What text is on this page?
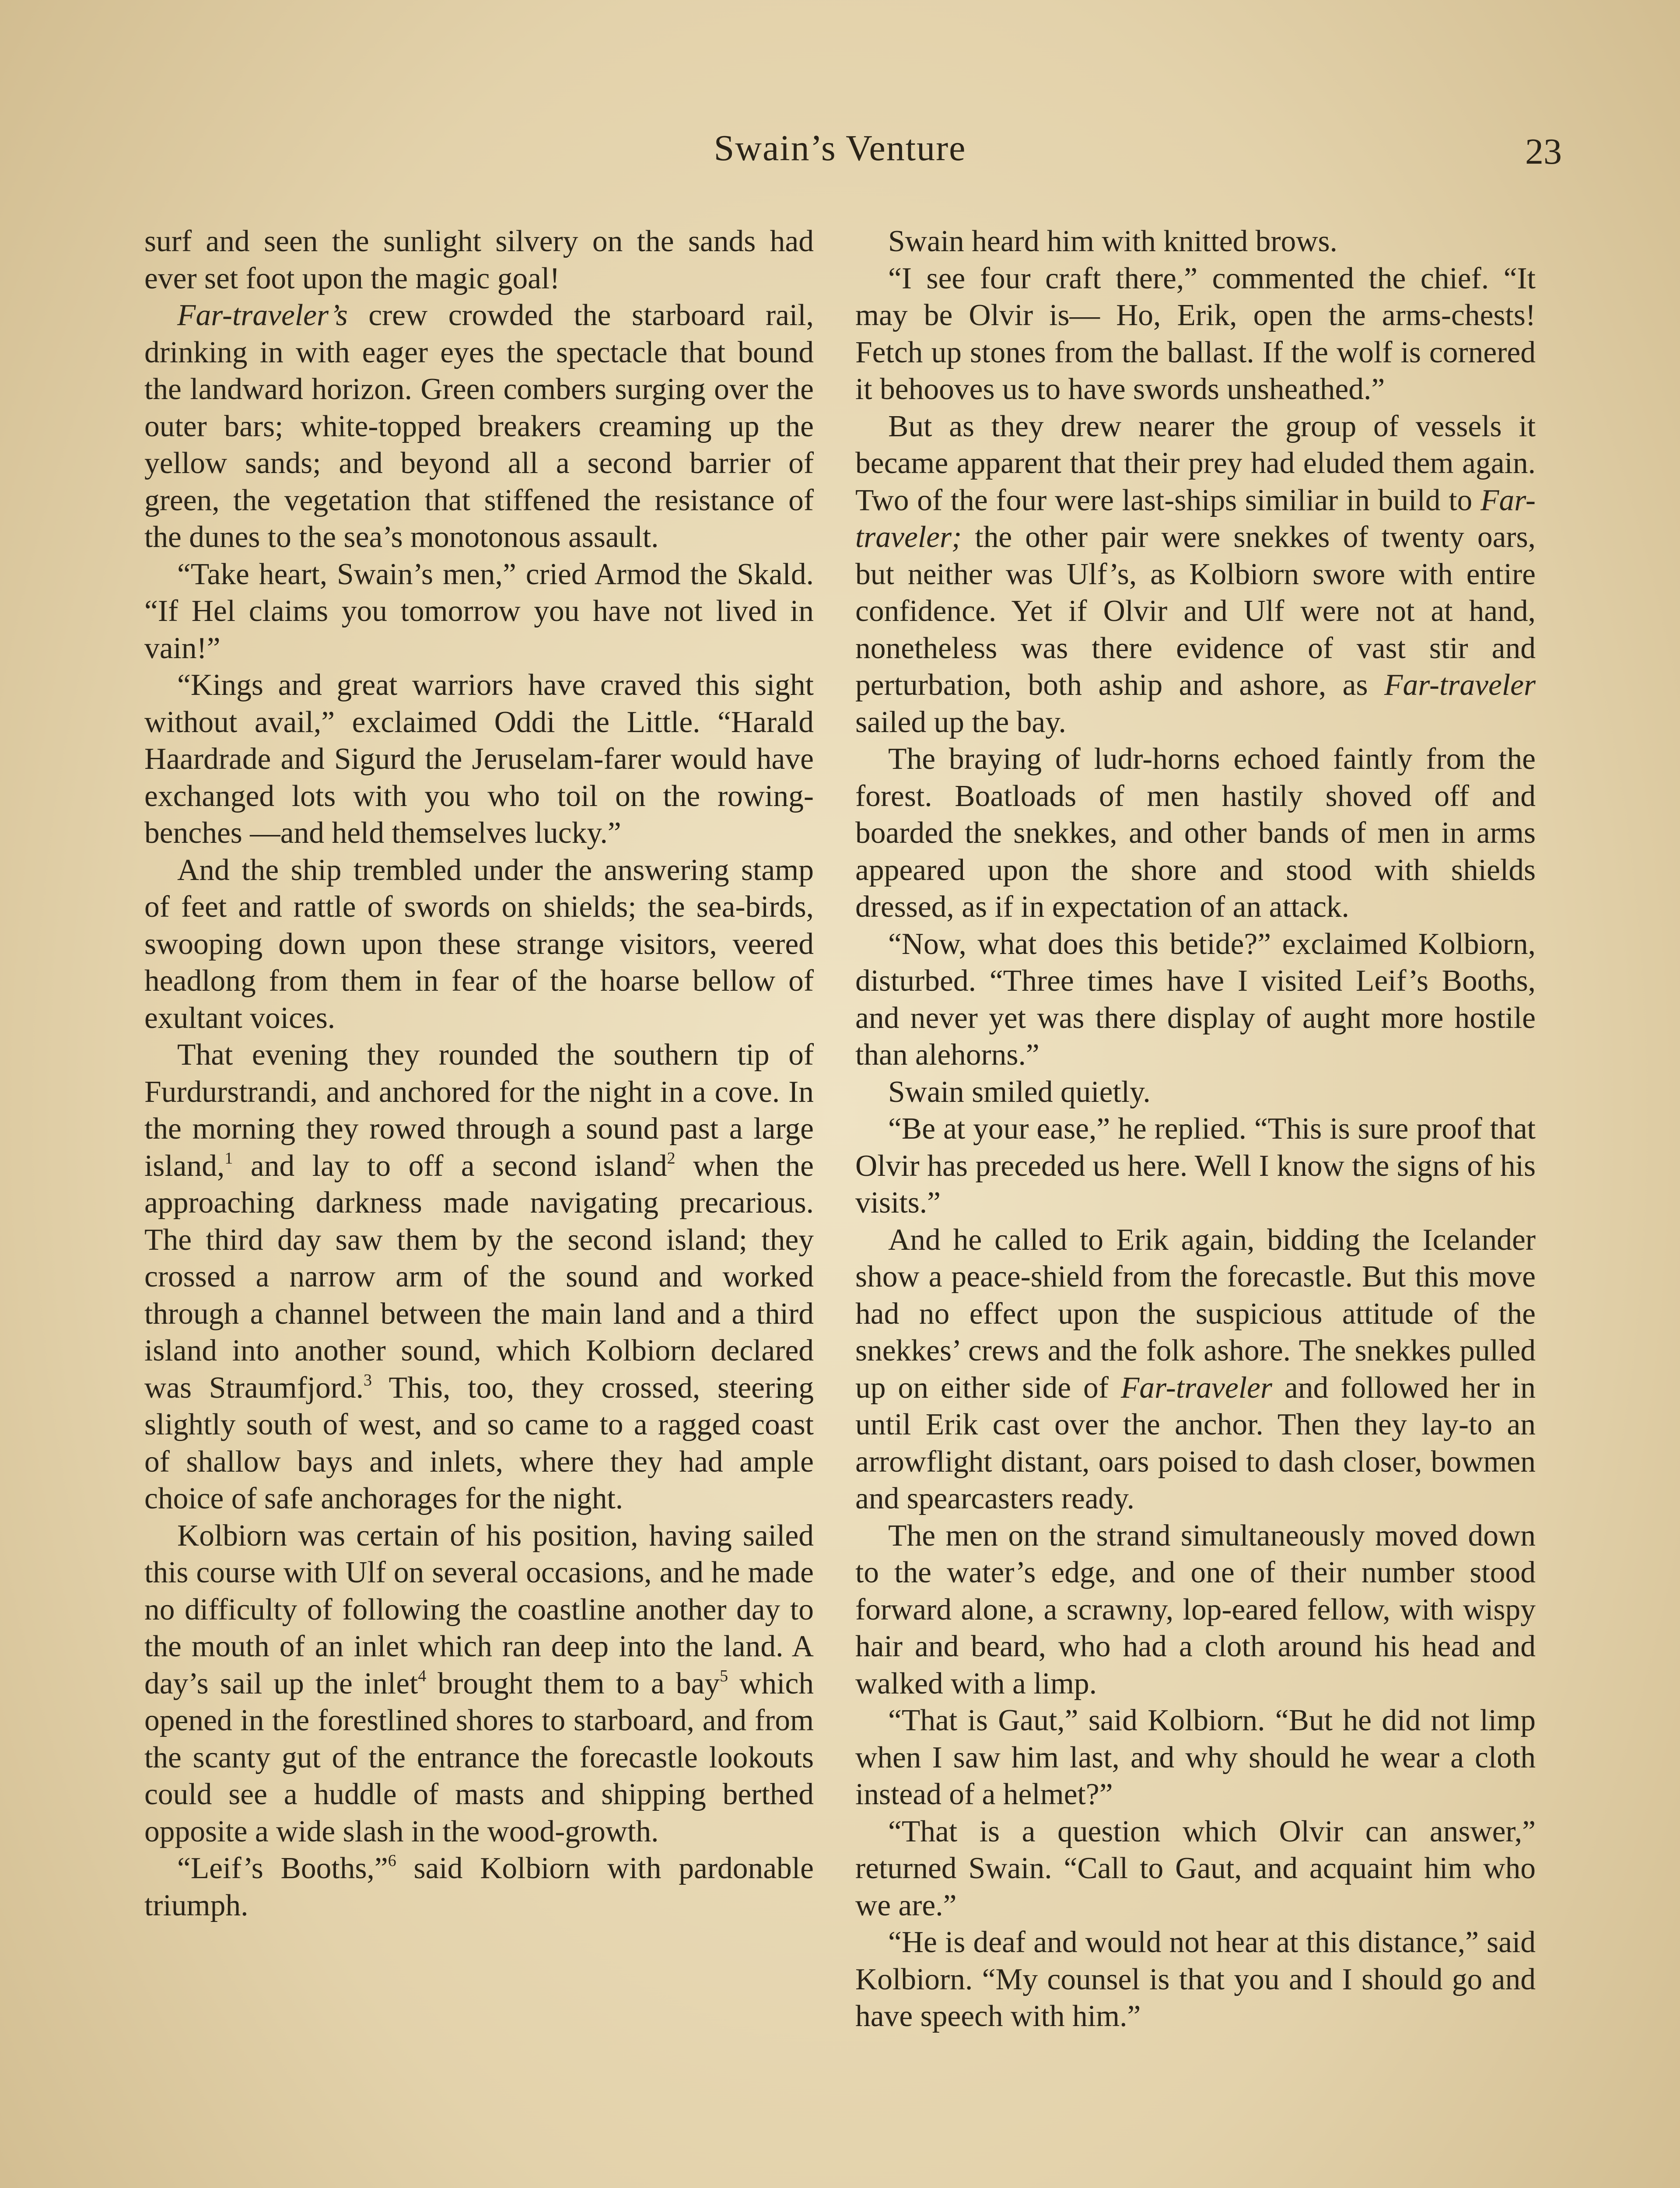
Swain’s Venture	23

surf and seen the sunlight silvery on the sands had ever set foot upon the magic goal!

Far-traveler’s crew crowded the starboard rail, drinking in with eager eyes the spectacle that bound the landward horizon. Green combers surging over the outer bars; white-topped breakers creaming up the yellow sands; and beyond all a second barrier of green, the vegetation that stiffened the resistance of the dunes to the sea’s monotonous assault.

“Take heart, Swain’s men,” cried Armod the Skald. “If Hel claims you tomorrow you have not lived in vain!”

“Kings and great warriors have craved this sight without avail,” exclaimed Oddi the Little. “Harald Haardrade and Sigurd the Jeruselam-farer would have exchanged lots with you who toil on the rowing-benches —and held themselves lucky.”

And the ship trembled under the answering stamp of feet and rattle of swords on shields; the sea-birds, swooping down upon these strange visitors, veered headlong from them in fear of the hoarse bellow of exultant voices.

That evening they rounded the southern tip of Furdurstrandi, and anchored for the night in a cove. In the morning they rowed through a sound past a large island,$^1$ and lay to off a second island$^2$ when the approaching darkness made navigating precarious. The third day saw them by the second island; they crossed a narrow arm of the sound and worked through a channel between the main land and a third island into another sound, which Kolbiorn declared was Straumfjord.$^3$ This, too, they crossed, steering slightly south of west, and so came to a ragged coast of shallow bays and inlets, where they had ample choice of safe anchorages for the night.

Kolbiorn was certain of his position, having sailed this course with Ulf on several occasions, and he made no difficulty of following the coastline another day to the mouth of an inlet which ran deep into the land. A day’s sail up the inlet$^4$ brought them to a bay$^5$ which opened in the forestlined shores to starboard, and from the scanty gut of the entrance the forecastle lookouts could see a huddle of masts and shipping berthed opposite a wide slash in the wood-growth.

“Leif’s Booths,”$^6$ said Kolbiorn with pardonable triumph.

Swain heard him with knitted brows.

“I see four craft there,” commented the chief. “It may be Olvir is— Ho, Erik, open the arms-chests! Fetch up stones from the ballast. If the wolf is cornered it behooves us to have swords unsheathed.”

But as they drew nearer the group of vessels it became apparent that their prey had eluded them again. Two of the four were last-ships similiar in build to Far-traveler; the other pair were snekkes of twenty oars, but neither was Ulf’s, as Kolbiorn swore with entire confidence. Yet if Olvir and Ulf were not at hand, nonetheless was there evidence of vast stir and perturbation, both aship and ashore, as Far-traveler sailed up the bay.

The braying of ludr-horns echoed faintly from the forest. Boatloads of men hastily shoved off and boarded the snekkes, and other bands of men in arms appeared upon the shore and stood with shields dressed, as if in expectation of an attack.

“Now, what does this betide?” exclaimed Kolbiorn, disturbed. “Three times have I visited Leif’s Booths, and never yet was there display of aught more hostile than alehorns.”

Swain smiled quietly.

“Be at your ease,” he replied. “This is sure proof that Olvir has preceded us here. Well I know the signs of his visits.”

And he called to Erik again, bidding the Icelander show a peace-shield from the forecastle. But this move had no effect upon the suspicious attitude of the snekkes’ crews and the folk ashore. The snekkes pulled up on either side of Far-traveler and followed her in until Erik cast over the anchor. Then they lay-to an arrowflight distant, oars poised to dash closer, bowmen and spearcasters ready.

The men on the strand simultaneously moved down to the water’s edge, and one of their number stood forward alone, a scrawny, lop-eared fellow, with wispy hair and beard, who had a cloth around his head and walked with a limp.

“That is Gaut,” said Kolbiorn. “But he did not limp when I saw him last, and why should he wear a cloth instead of a helmet?”

“That is a question which Olvir can answer,” returned Swain. “Call to Gaut, and acquaint him who we are.”

“He is deaf and would not hear at this distance,” said Kolbiorn. “My counsel is that you and I should go and have speech with him.”
